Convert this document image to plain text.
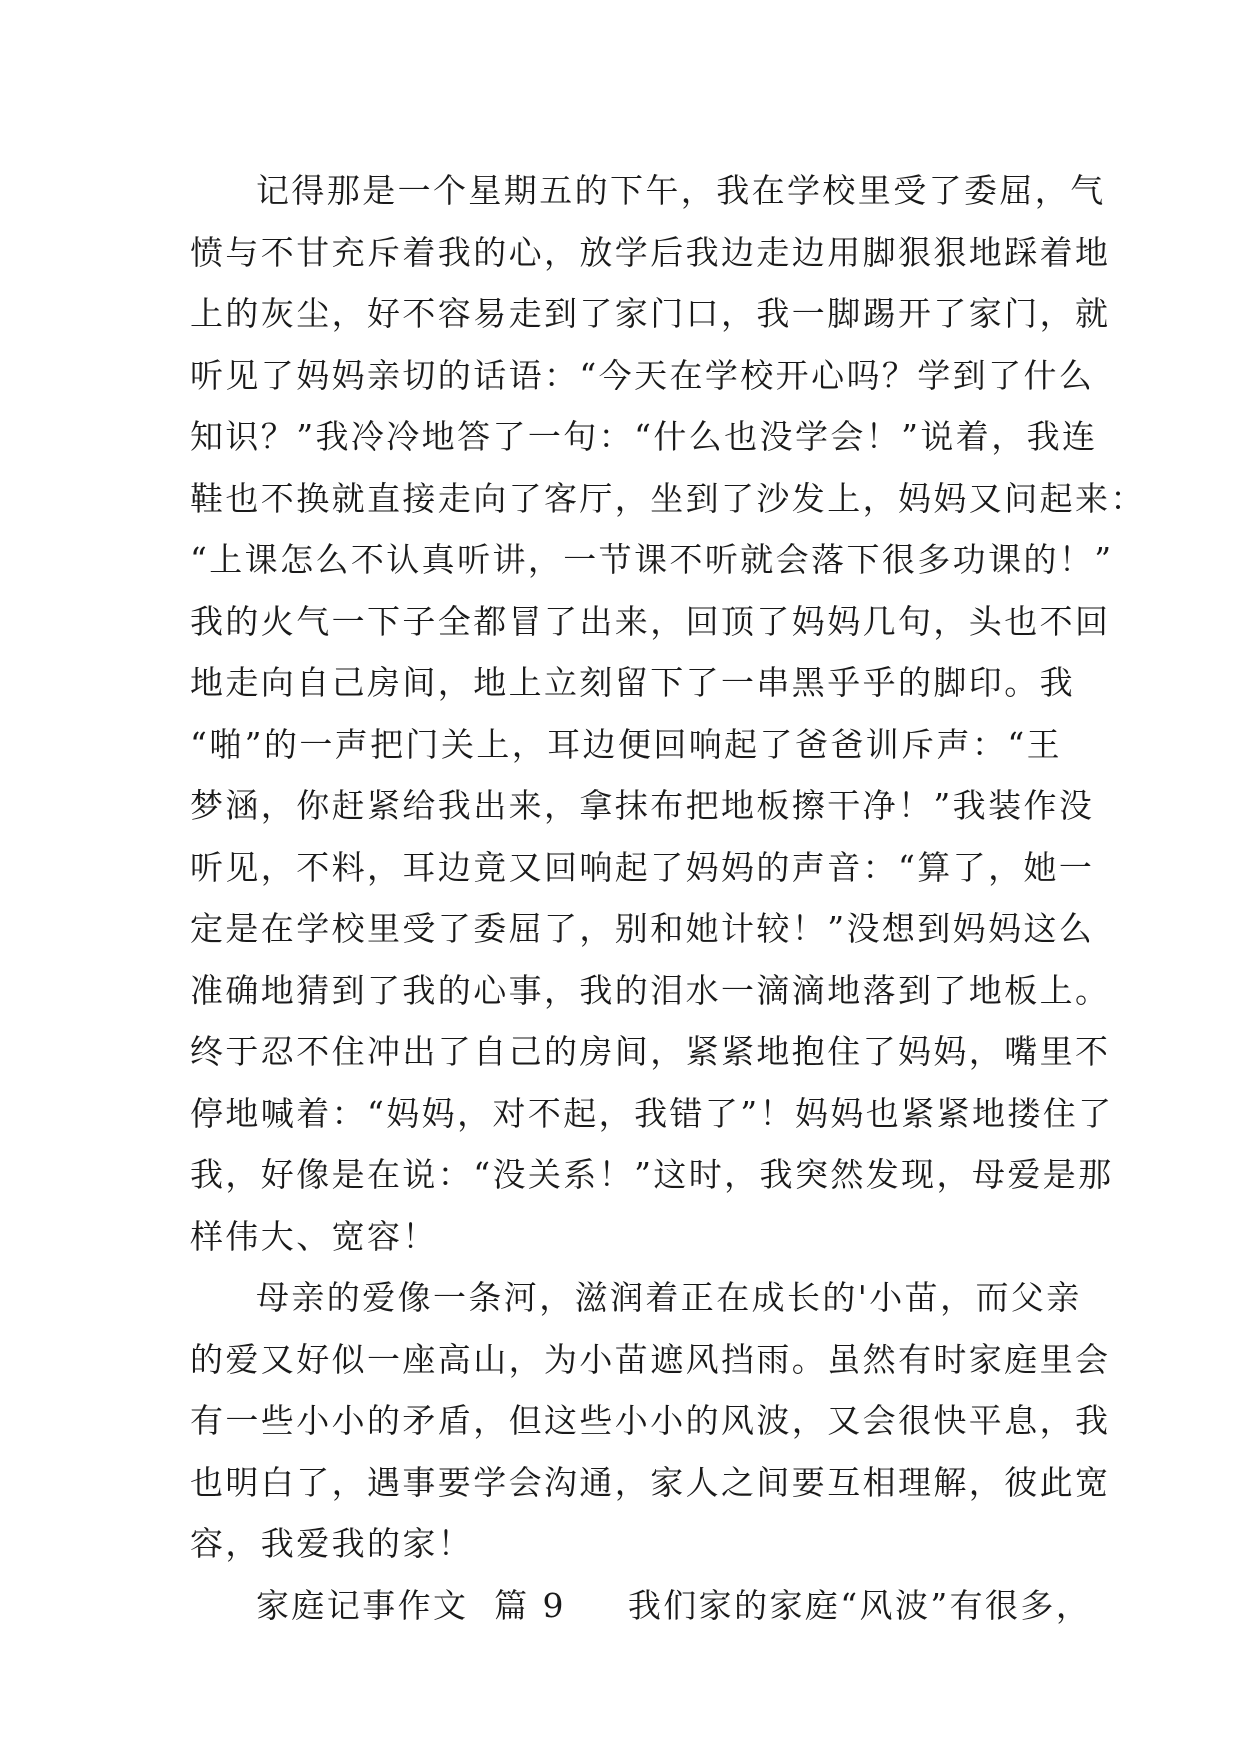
记得那是一个星期五的下午，我在学校里受了委屈，气
愤与不甘充斥着我的心，放学后我边走边用脚狠狠地踩着地
上的灰尘，好不容易走到了家门口，我一脚踢开了家门，就
听见了妈妈亲切的话语：“今天在学校开心吗？学到了什么
知识？”我冷冷地答了一句：“什么也没学会！”说着，我连
鞋也不换就直接走向了客厅，坐到了沙发上，妈妈又问起来：
“上课怎么不认真听讲，一节课不听就会落下很多功课的！”
我的火气一下子全都冒了出来，回顶了妈妈几句，头也不回
地走向自己房间，地上立刻留下了一串黑乎乎的脚印。我
“啪”的一声把门关上，耳边便回响起了爸爸训斥声：“王
梦涵，你赶紧给我出来，拿抹布把地板擦干净！”我装作没
听见，不料，耳边竟又回响起了妈妈的声音：“算了，她一
定是在学校里受了委屈了，别和她计较！”没想到妈妈这么
准确地猜到了我的心事，我的泪水一滴滴地落到了地板上。
终于忍不住冲出了自己的房间，紧紧地抱住了妈妈，嘴里不
停地喊着：“妈妈，对不起，我错了”！妈妈也紧紧地搂住了
我，好像是在说：“没关系！”这时，我突然发现，母爱是那
样伟大、宽容！

母亲的爱像一条河，滋润着正在成长的'小苗，而父亲
的爱又好似一座高山，为小苗遮风挡雨。虽然有时家庭里会
有一些小小的矛盾，但这些小小的风波，又会很快平息，我
也明白了，遇事要学会沟通，家人之间要互相理解，彼此宽
容，我爱我的家！

家庭记事作文  篇 9 我们家的家庭“风波”有很多，
